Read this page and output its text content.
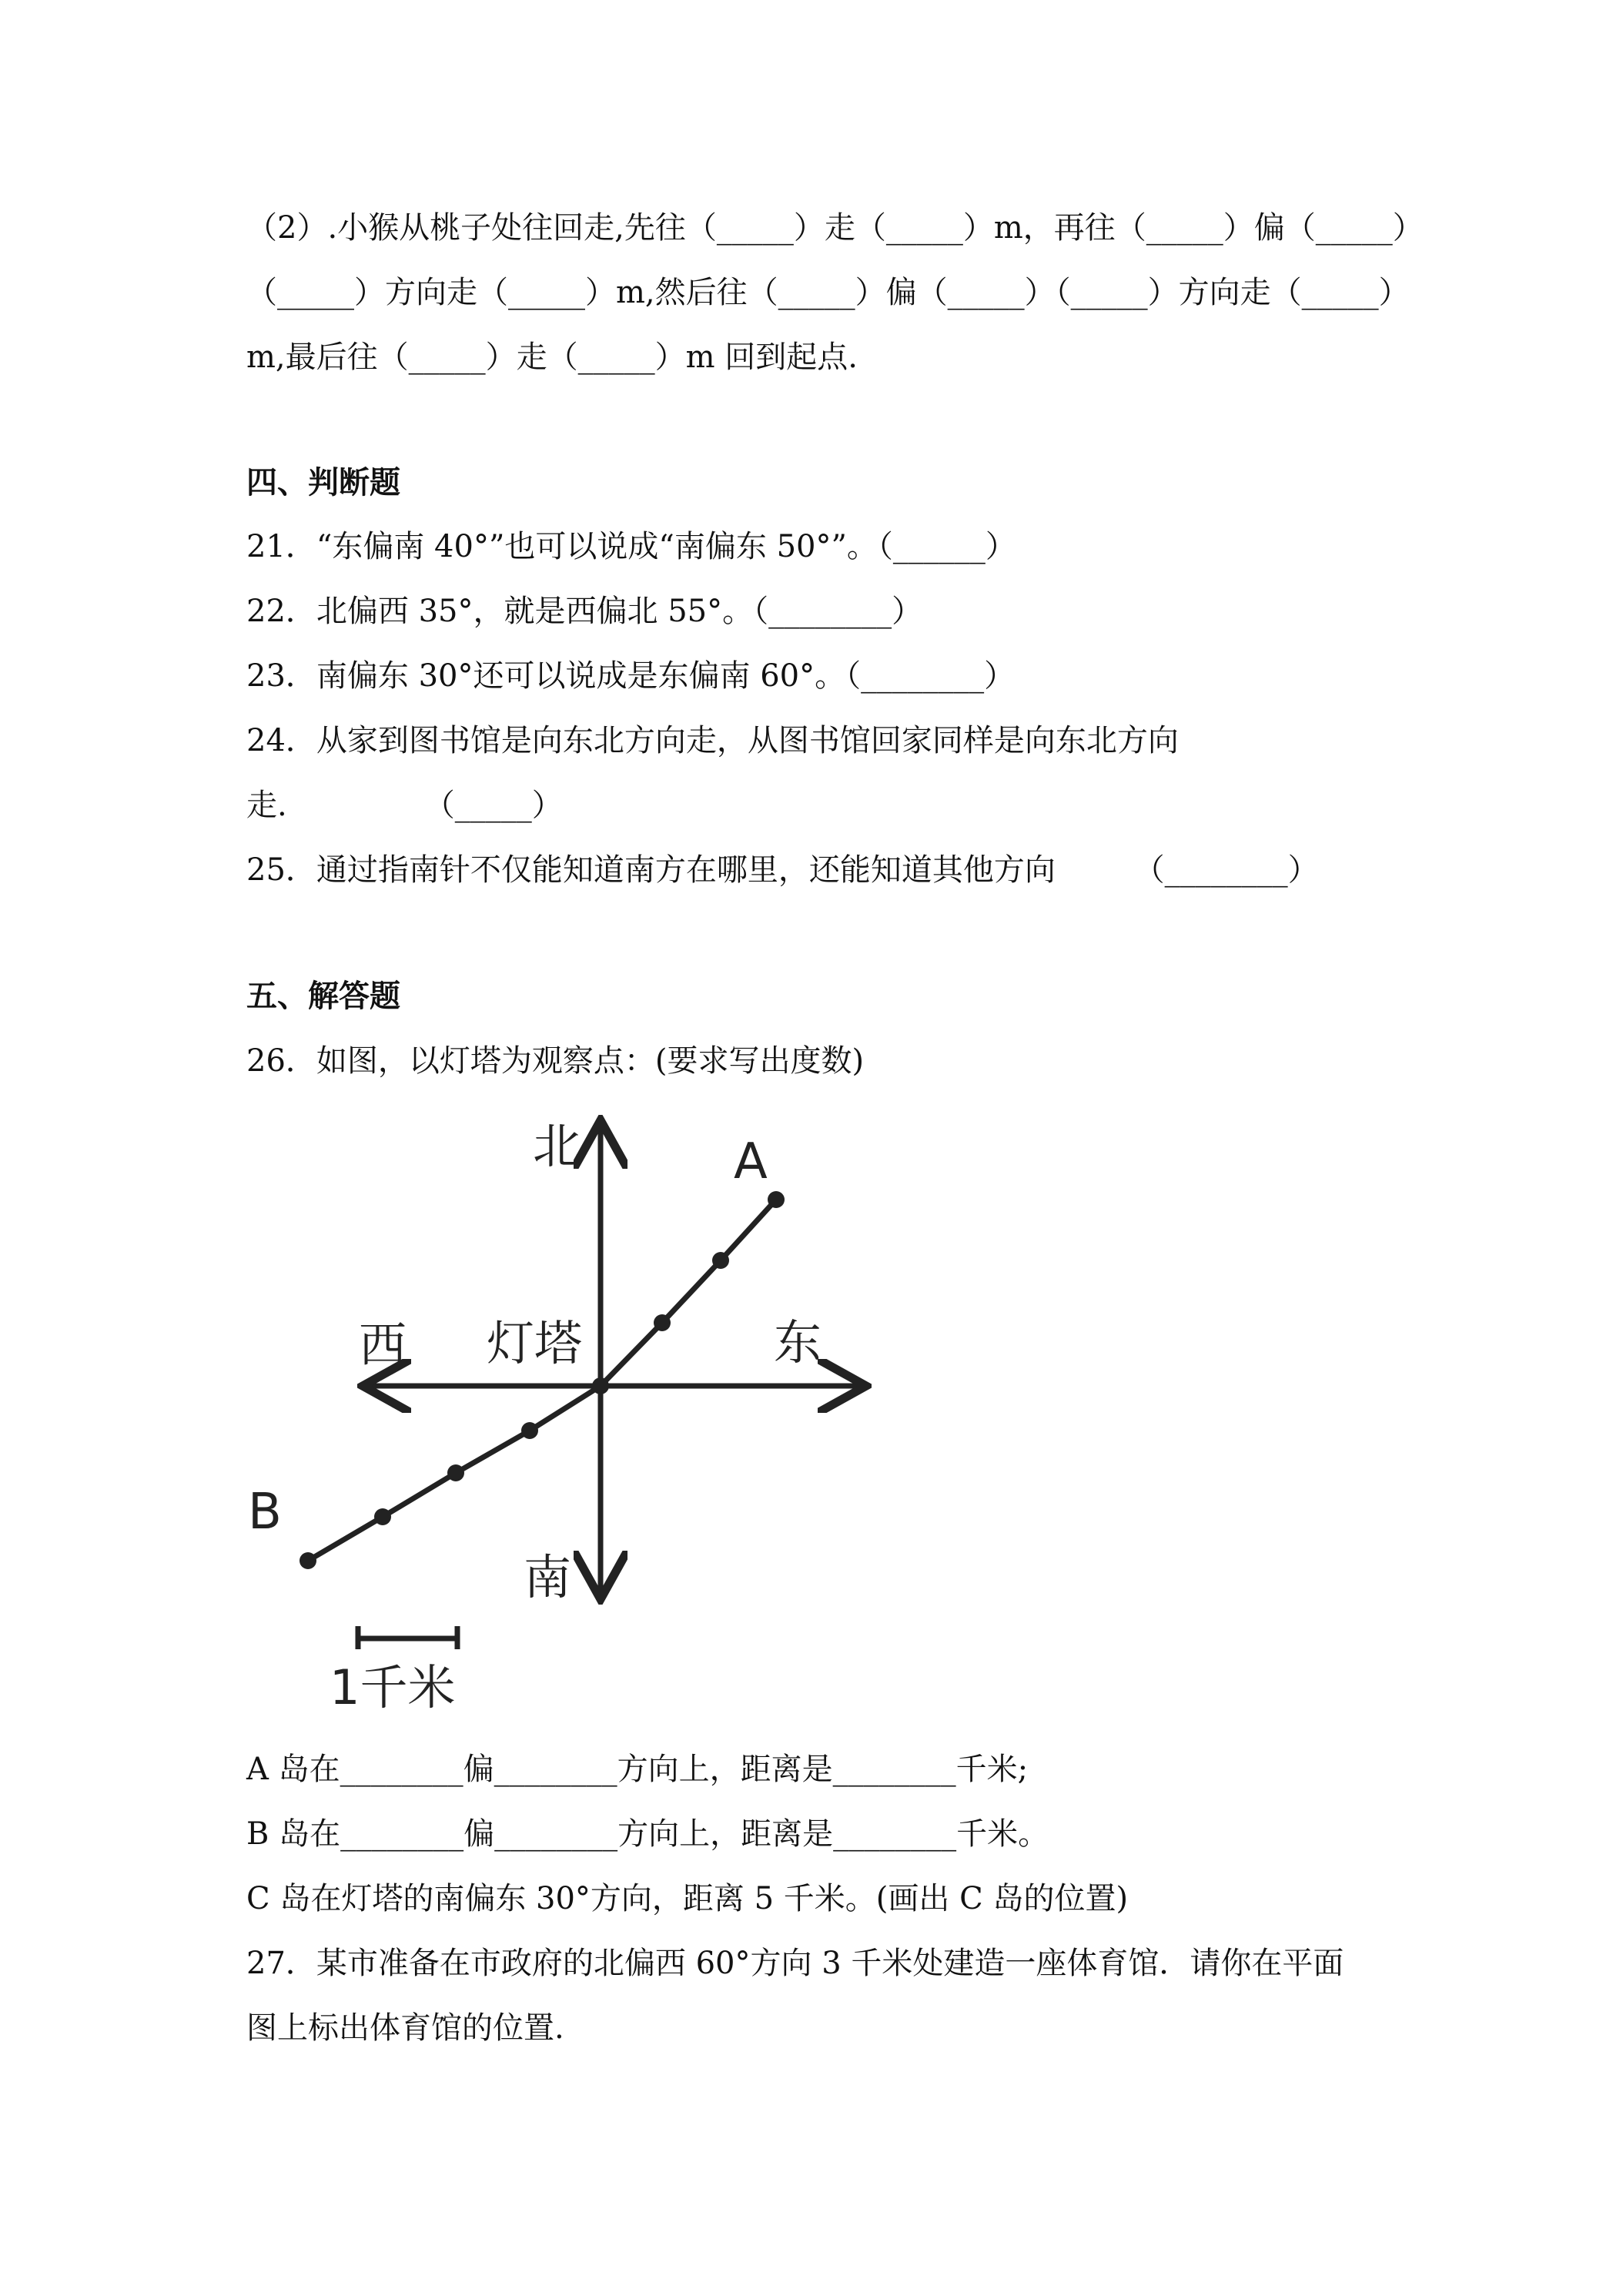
（2）.小猴从桃子处往回走,先往（_____）走（_____）m，再往（_____）偏（_____）
（_____）方向走（_____）m,然后往（_____）偏（_____）（_____）方向走（_____）
m,最后往（_____）走（_____）m 回到起点.
四、判断题
21．“东偏南 40°”也可以说成“南偏东 50°”。（______）
22．北偏西 35°，就是西偏北 55°。（________）
23．南偏东 30°还可以说成是东偏南 60°。（________）
24．从家到图书馆是向东北方向走，从图书馆回家同样是向东北方向
走.              （_____）
25．通过指南针不仅能知道南方在哪里，还能知道其他方向        （________）
五、解答题
26．如图，以灯塔为观察点：(要求写出度数)
北
南
东
西 灯塔
A
B
1千米
A 岛在________偏________方向上，距离是________千米;
B 岛在________偏________方向上，距离是________千米。
C 岛在灯塔的南偏东 30°方向，距离 5 千米。(画出 C 岛的位置)
27．某市准备在市政府的北偏西 60°方向 3 千米处建造一座体育馆．请你在平面
图上标出体育馆的位置.
